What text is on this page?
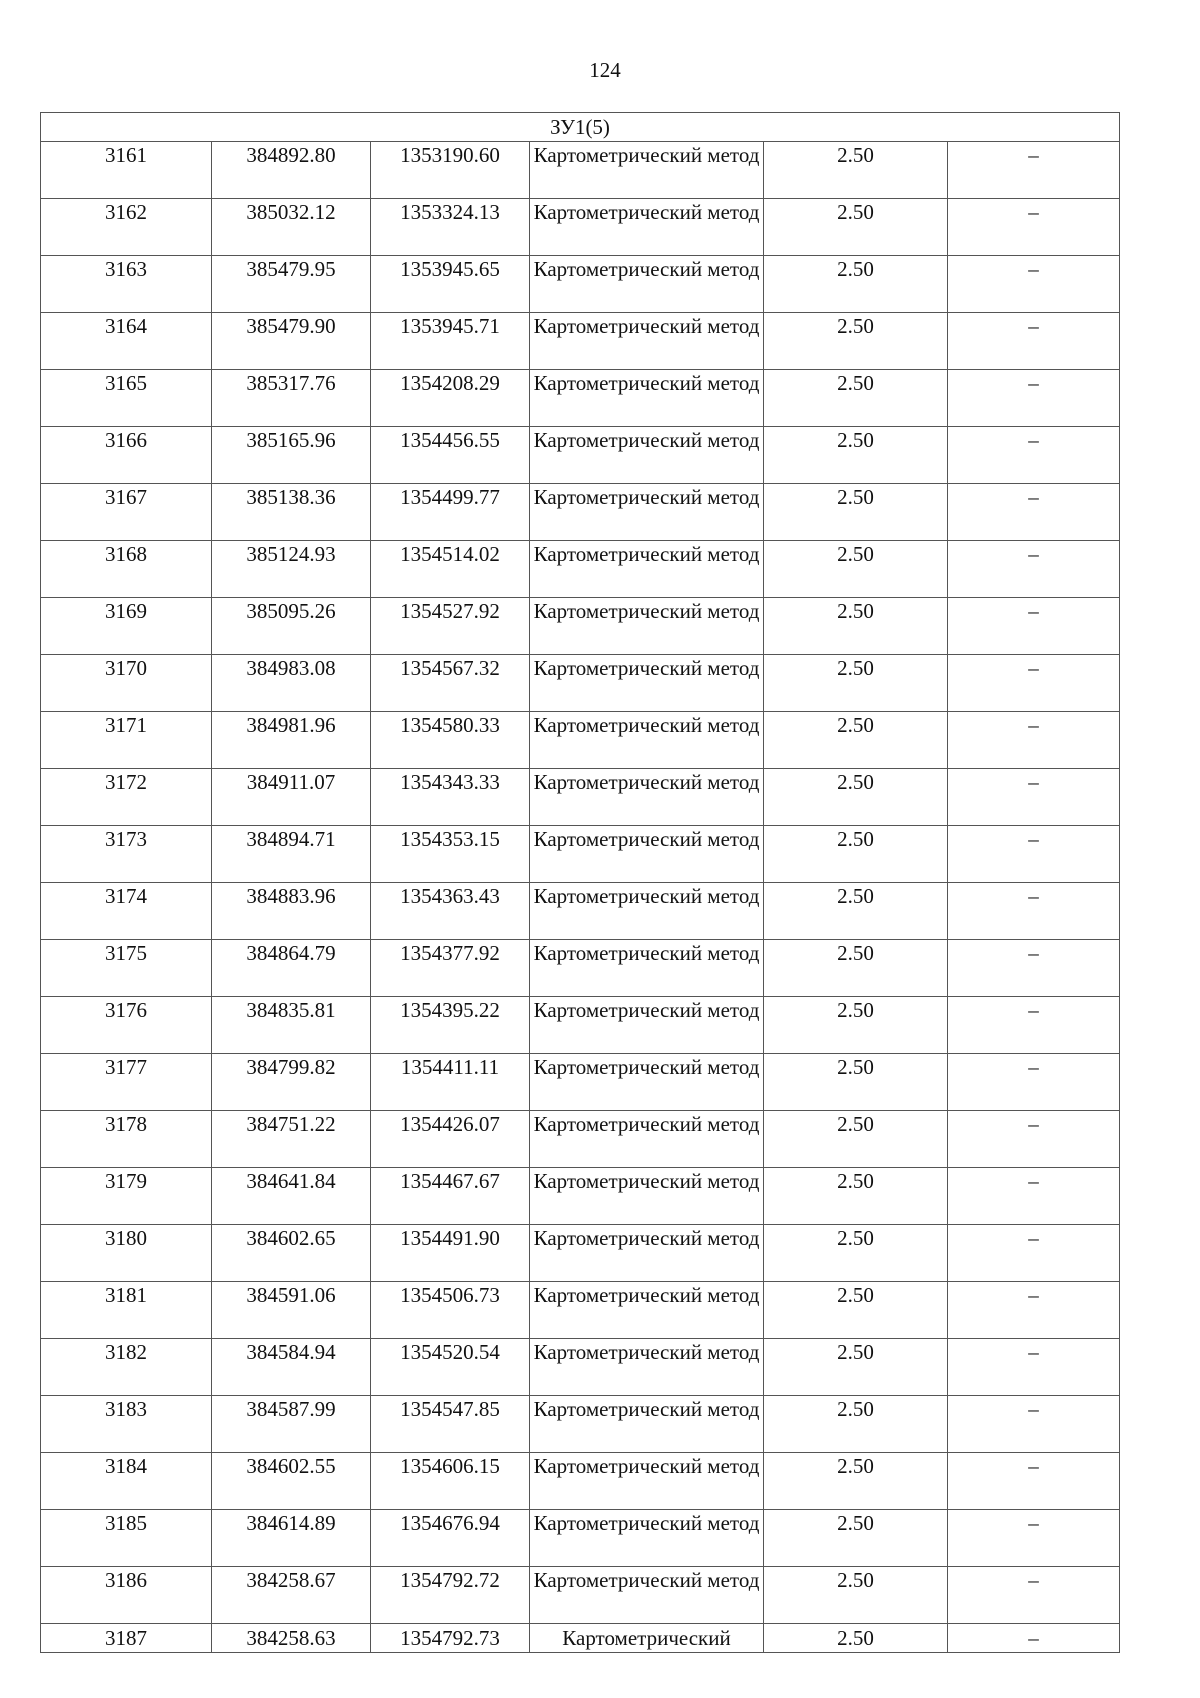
124
ЗУ1(5)					
3161	384892.80	1353190.60	Картометрический метод	2.50	–
3162	385032.12	1353324.13	Картометрический метод	2.50	–
3163	385479.95	1353945.65	Картометрический метод	2.50	–
3164	385479.90	1353945.71	Картометрический метод	2.50	–
3165	385317.76	1354208.29	Картометрический метод	2.50	–
3166	385165.96	1354456.55	Картометрический метод	2.50	–
3167	385138.36	1354499.77	Картометрический метод	2.50	–
3168	385124.93	1354514.02	Картометрический метод	2.50	–
3169	385095.26	1354527.92	Картометрический метод	2.50	–
3170	384983.08	1354567.32	Картометрический метод	2.50	–
3171	384981.96	1354580.33	Картометрический метод	2.50	–
3172	384911.07	1354343.33	Картометрический метод	2.50	–
3173	384894.71	1354353.15	Картометрический метод	2.50	–
3174	384883.96	1354363.43	Картометрический метод	2.50	–
3175	384864.79	1354377.92	Картометрический метод	2.50	–
3176	384835.81	1354395.22	Картометрический метод	2.50	–
3177	384799.82	1354411.11	Картометрический метод	2.50	–
3178	384751.22	1354426.07	Картометрический метод	2.50	–
3179	384641.84	1354467.67	Картометрический метод	2.50	–
3180	384602.65	1354491.90	Картометрический метод	2.50	–
3181	384591.06	1354506.73	Картометрический метод	2.50	–
3182	384584.94	1354520.54	Картометрический метод	2.50	–
3183	384587.99	1354547.85	Картометрический метод	2.50	–
3184	384602.55	1354606.15	Картометрический метод	2.50	–
3185	384614.89	1354676.94	Картометрический метод	2.50	–
3186	384258.67	1354792.72	Картометрический метод	2.50	–
3187	384258.63	1354792.73	Картометрический	2.50	–
